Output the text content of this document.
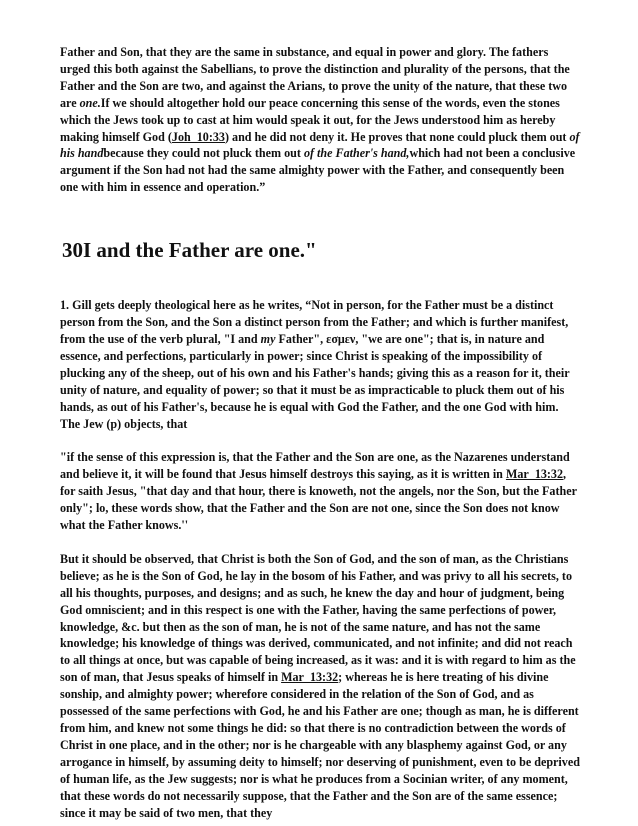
Father and Son, that they are the same in substance, and equal in power and glory. The fathers urged this both against the Sabellians, to prove the distinction and plurality of the persons, that the Father and the Son are two, and against the Arians, to prove the unity of the nature, that these two are one.If we should altogether hold our peace concerning this sense of the words, even the stones which the Jews took up to cast at him would speak it out, for the Jews understood him as hereby making himself God (Joh_10:33) and he did not deny it. He proves that none could pluck them out of his handbecause they could not pluck them out of the Father's hand,which had not been a conclusive argument if the Son had not had the same almighty power with the Father, and consequently been one with him in essence and operation.”

30I and the Father are one."

1. Gill gets deeply theological here as he writes, “Not in person, for the Father must be a distinct person from the Son, and the Son a distinct person from the Father; and which is further manifest, from the use of the verb plural, "I and my Father", εσμεν, "we are one"; that is, in nature and essence, and perfections, particularly in power; since Christ is speaking of the impossibility of plucking any of the sheep, out of his own and his Father's hands; giving this as a reason for it, their unity of nature, and equality of power; so that it must be as impracticable to pluck them out of his hands, as out of his Father's, because he is equal with God the Father, and the one God with him. The Jew (p) objects, that

"if the sense of this expression is, that the Father and the Son are one, as the Nazarenes understand and believe it, it will be found that Jesus himself destroys this saying, as it is written in Mar_13:32, for saith Jesus, "that day and that hour, there is knoweth, not the angels, nor the Son, but the Father only"; lo, these words show, that the Father and the Son are not one, since the Son does not know what the Father knows.''

But it should be observed, that Christ is both the Son of God, and the son of man, as the Christians believe; as he is the Son of God, he lay in the bosom of his Father, and was privy to all his secrets, to all his thoughts, purposes, and designs; and as such, he knew the day and hour of judgment, being God omniscient; and in this respect is one with the Father, having the same perfections of power, knowledge, &c. but then as the son of man, he is not of the same nature, and has not the same knowledge; his knowledge of things was derived, communicated, and not infinite; and did not reach to all things at once, but was capable of being increased, as it was: and it is with regard to him as the son of man, that Jesus speaks of himself in Mar_13:32; whereas he is here treating of his divine sonship, and almighty power; wherefore considered in the relation of the Son of God, and as possessed of the same perfections with God, he and his Father are one; though as man, he is different from him, and knew not some things he did: so that there is no contradiction between the words of Christ in one place, and in the other; nor is he chargeable with any blasphemy against God, or any arrogance in himself, by assuming deity to himself; nor deserving of punishment, even to be deprived of human life, as the Jew suggests; nor is what he produces from a Socinian writer, of any moment, that these words do not necessarily suppose, that the Father and the Son are of the same essence; since it may be said of two men, that they
